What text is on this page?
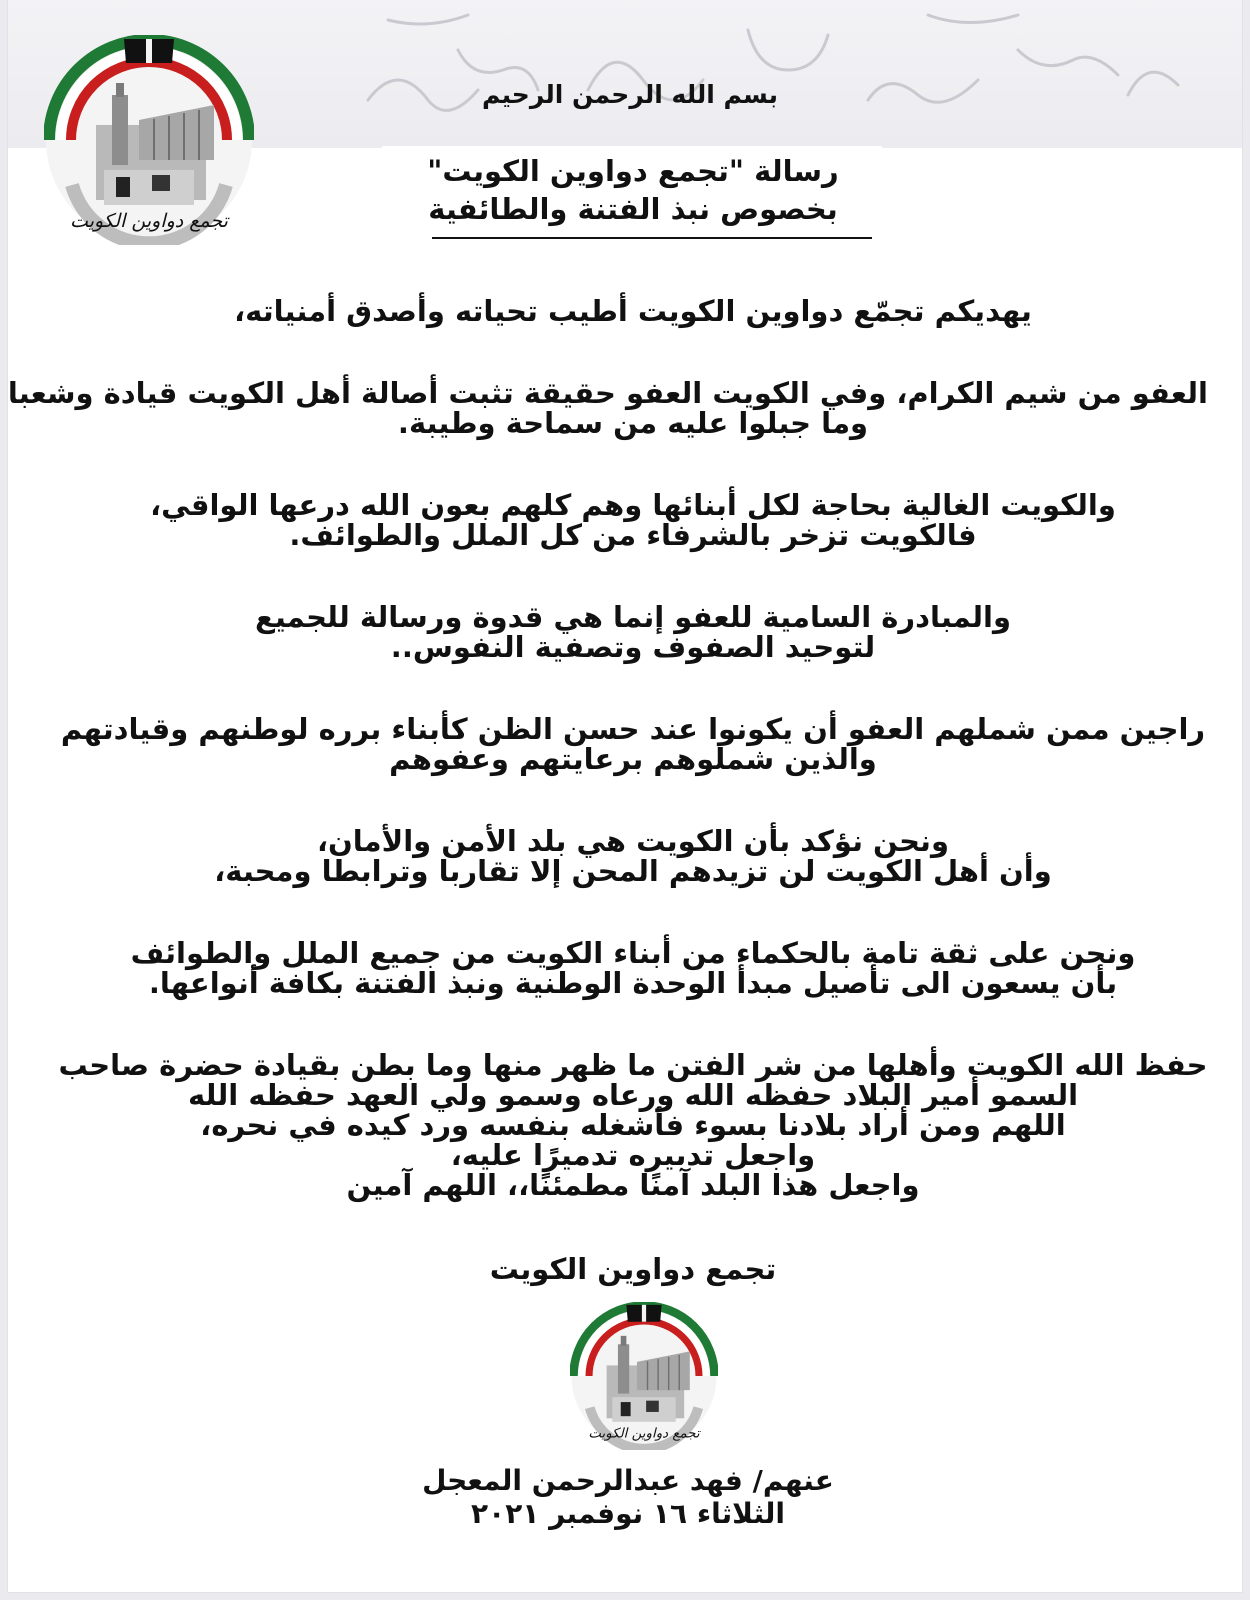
تجمع دواوين الكويت
بسم الله الرحمن الرحيم
رسالة "تجمع دواوين الكويت"
بخصوص نبذ الفتنة والطائفية
يهديكم تجمّع دواوين الكويت أطيب تحياته وأصدق أمنياته،
العفو من شيم الكرام، وفي الكويت العفو حقيقة تثبت أصالة أهل الكويت قيادة وشعبا
وما جبلوا عليه من سماحة وطيبة.
والكويت الغالية بحاجة لكل أبنائها وهم كلهم بعون الله درعها الواقي،
فالكويت تزخر بالشرفاء من كل الملل والطوائف.
والمبادرة السامية للعفو إنما هي قدوة ورسالة للجميع
لتوحيد الصفوف وتصفية النفوس..
راجين ممن شملهم العفو أن يكونوا عند حسن الظن كأبناء برره لوطنهم وقيادتهم
والذين شملوهم برعايتهم وعفوهم
ونحن نؤكد بأن الكويت هي بلد الأمن والأمان،
وأن أهل الكويت لن تزيدهم المحن إلا تقاربا وترابطا ومحبة،
ونحن على ثقة تامة بالحكماء من أبناء الكويت من جميع الملل والطوائف
بأن يسعون الى تأصيل مبدأ الوحدة الوطنية ونبذ الفتنة بكافة أنواعها.
حفظ الله الكويت وأهلها من شر الفتن ما ظهر منها وما بطن بقيادة حضرة صاحب
السمو أمير البلاد حفظه الله ورعاه وسمو ولي العهد حفظه الله
اللهم ومن أراد بلادنا بسوء فأشغله بنفسه ورد كيده في نحره،
واجعل تدبيره تدميرًا عليه،
واجعل هذا البلد آمنًا مطمئنًا،، اللهم آمين
تجمع دواوين الكويت
تجمع دواوين الكويت
عنهم/ فهد عبدالرحمن المعجل
الثلاثاء ١٦ نوفمبر ٢٠٢١
